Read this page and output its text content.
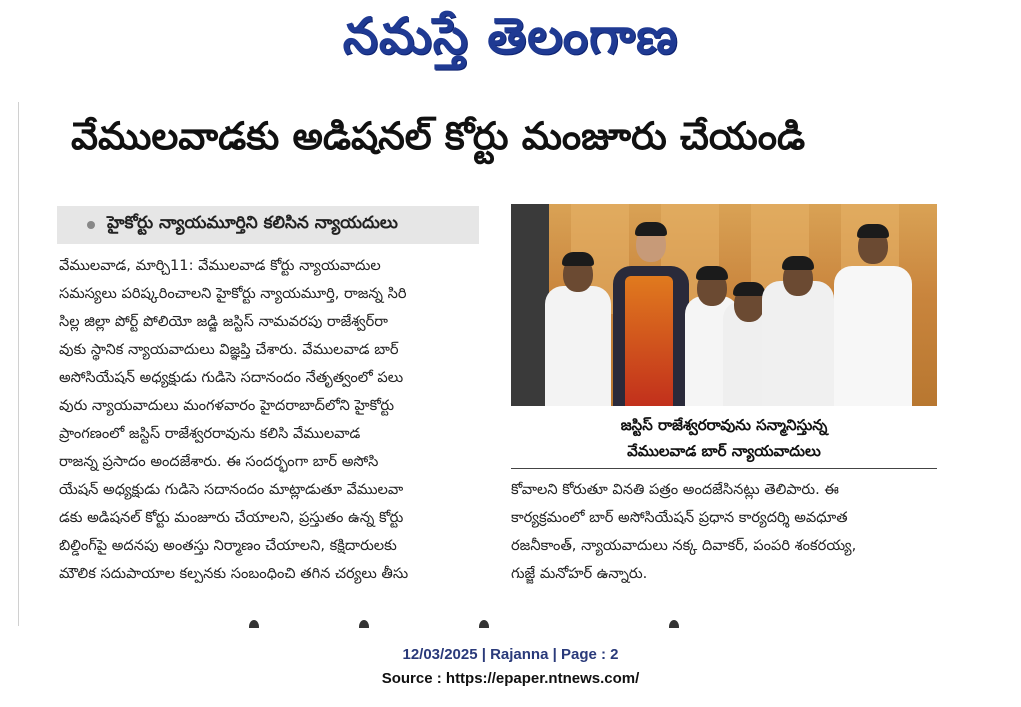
నమస్తే తెలంగాణ
వేములవాడకు అడిషనల్ కోర్టు మంజూరు చేయండి
హైకోర్టు న్యాయమూర్తిని కలిసిన న్యాయదులు

వేములవాడ, మార్చి11: వేములవాడ కోర్టు న్యాయవాదుల

సమస్యలు పరిష్కరించాలని హైకోర్టు న్యాయమూర్తి, రాజన్న సిరి

సిల్ల జిల్లా పోర్ట్ పోలియో జడ్జి జస్టిస్ నామవరపు రాజేశ్వర్‌రా

వుకు స్థానిక న్యాయవాదులు విజ్ఞప్తి చేశారు. వేములవాడ బార్

అసోసియేషన్ అధ్యక్షుడు గుడిసె సదానందం నేతృత్వంలో పలు

వురు న్యాయవాదులు మంగళవారం హైదరాబాద్‌లోని హైకోర్టు

ప్రాంగణంలో జస్టిస్ రాజేశ్వరరావును కలిసి వేములవాడ

రాజన్న ప్రసాదం అందజేశారు. ఈ సందర్భంగా బార్ అసోసి

యేషన్ అధ్యక్షుడు గుడిసె సదానందం మాట్లాడుతూ వేములవా

డకు అడిషనల్ కోర్టు మంజూరు చేయాలని, ప్రస్తుతం ఉన్న కోర్టు

బిల్డింగ్‌పై అదనపు అంతస్తు నిర్మాణం చేయాలని, కక్షిదారులకు

మౌలిక సదుపాయాల కల్పనకు సంబంధించి తగిన చర్యలు తీసు

జస్టిస్ రాజేశ్వరరావును సన్మానిస్తున్న
వేములవాడ బార్ న్యాయవాదులు

కోవాలని కోరుతూ వినతి పత్రం అందజేసినట్లు తెలిపారు. ఈ

కార్యక్రమంలో బార్ అసోసియేషన్ ప్రధాన కార్యదర్శి అవధూత

రజనీకాంత్, న్యాయవాదులు నక్క దివాకర్, పంపరి శంకరయ్య,

గుజ్జే మనోహర్ ఉన్నారు.

12/03/2025 | Rajanna | Page : 2
Source : https://epaper.ntnews.com/
